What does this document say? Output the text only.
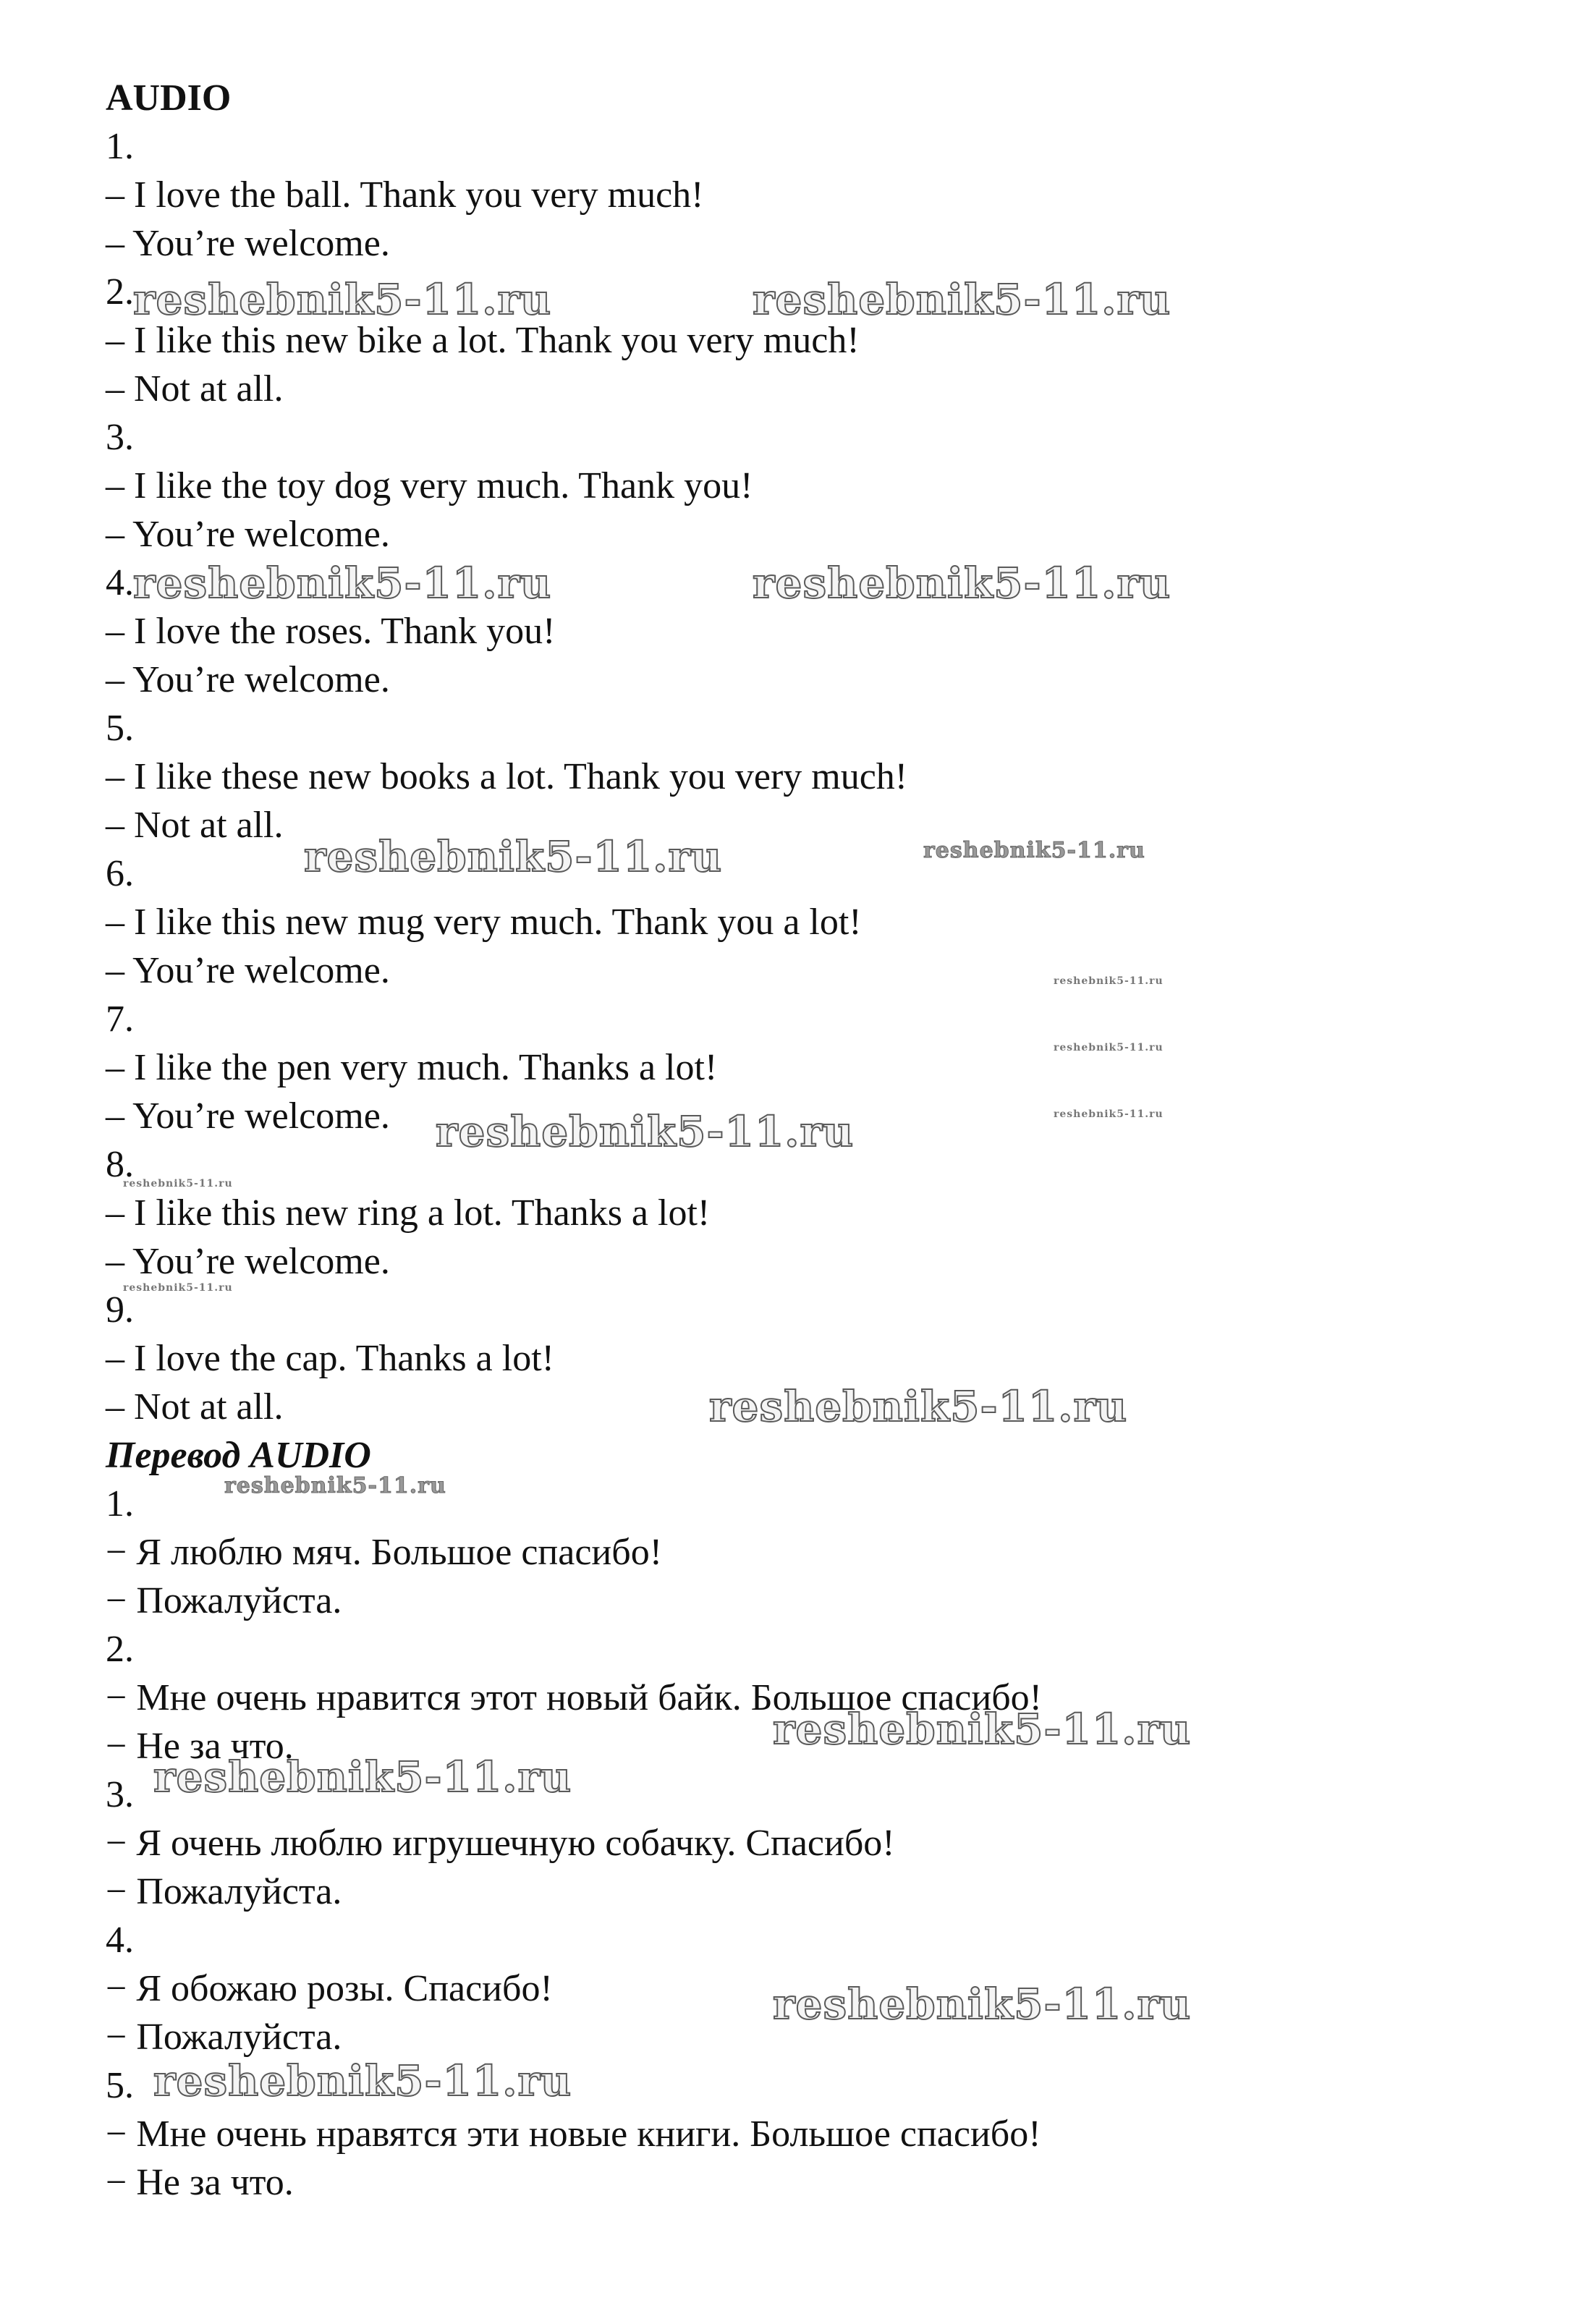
AUDIO
1.
– I love the ball. Thank you very much!
– You’re welcome.
2.
– I like this new bike a lot. Thank you very much!
– Not at all.
3.
– I like the toy dog very much. Thank you!
– You’re welcome.
4.
– I love the roses. Thank you!
– You’re welcome.
5.
– I like these new books a lot. Thank you very much!
– Not at all.
6.
– I like this new mug very much. Thank you a lot!
– You’re welcome.
7.
– I like the pen very much. Thanks a lot!
– You’re welcome.
8.
– I like this new ring a lot. Thanks a lot!
– You’re welcome.
9.
– I love the cap. Thanks a lot!
– Not at all.
Перевод AUDIO
1.
− Я люблю мяч. Большое спасибо!
− Пожалуйста.
2.
− Мне очень нравится этот новый байк. Большое спасибо!
− Не за что.
3.
− Я очень люблю игрушечную собачку. Спасибо!
− Пожалуйста.
4.
− Я обожаю розы. Спасибо!
− Пожалуйста.
5.
− Мне очень нравятся эти новые книги. Большое спасибо!
− Не за что.
reshebnik5-11.ru	reshebnik5-11.ru
reshebnik5-11.ru	reshebnik5-11.ru
reshebnik5-11.ru	reshebnik5-11.ru
reshebnik5-11.ru
reshebnik5-11.ru
reshebnik5-11.ru
reshebnik5-11.ru
reshebnik5-11.ru
reshebnik5-11.ru
reshebnik5-11.ru
reshebnik5-11.ru
reshebnik5-11.ru
reshebnik5-11.ru
reshebnik5-11.ru
reshebnik5-11.ru
